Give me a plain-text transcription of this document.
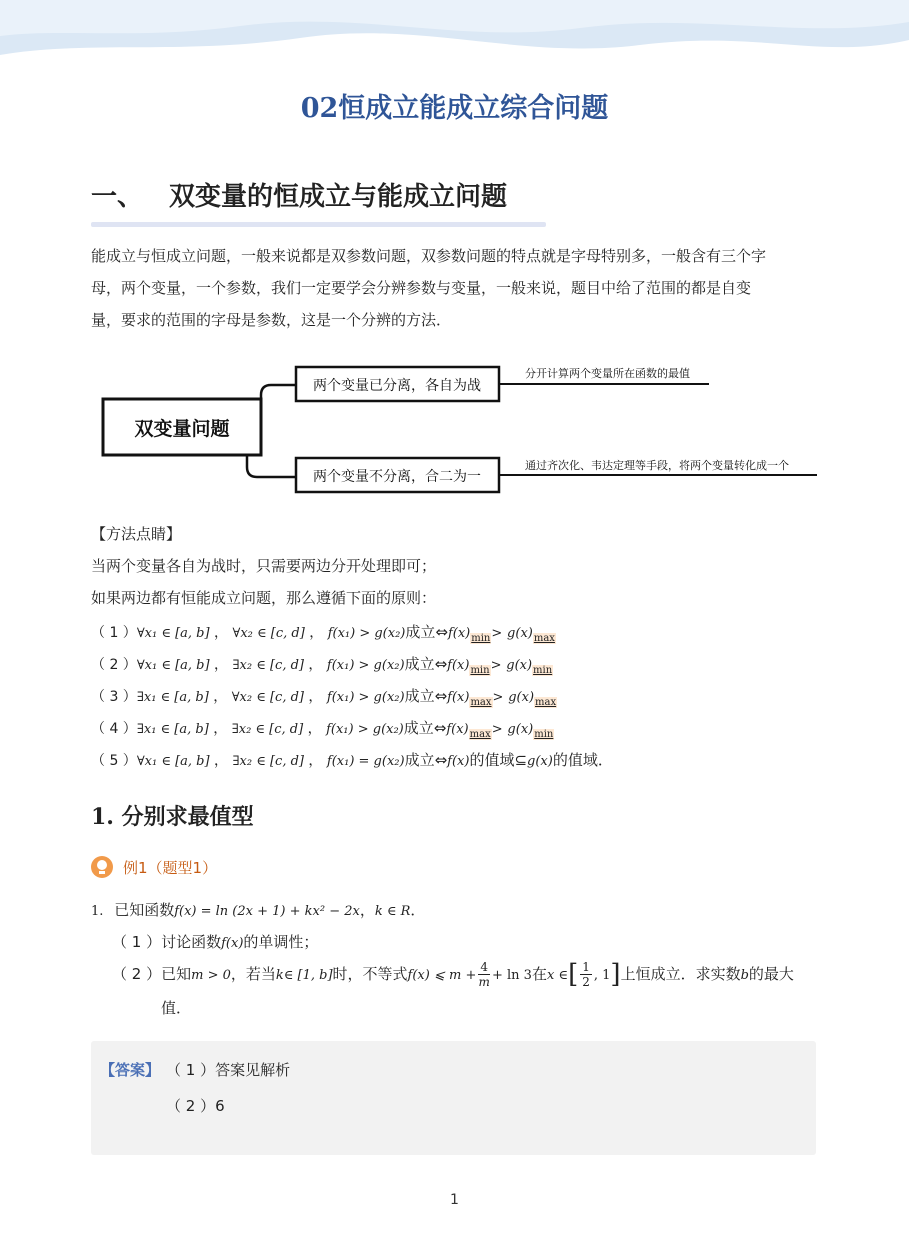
02恒成立能成立综合问题
一、 双变量的恒成立与能成立问题

能成立与恒成立问题，一般来说都是双参数问题，双参数问题的特点就是字母特别多，一般含有三个字

母，两个变量，一个参数，我们一定要学会分辨参数与变量，一般来说，题目中给了范围的都是自变

量，要求的范围的字母是参数，这是一个分辨的方法．

双变量问题
两个变量已分离，各自为战
两个变量不分离，合二为一
分开计算两个变量所在函数的最值
通过齐次化、韦达定理等手段，将两个变量转化成一个
【方法点睛】
当两个变量各自为战时，只需要两边分开处理即可；
如果两边都有恒能成立问题，那么遵循下面的原则：
（ 1 ）∀x₁ ∈ [a, b] ， ∀x₂ ∈ [c, d] ， f(x₁) > g(x₂)成立$\Leftrightarrow f(x)_{min}> g(x)_{max}$
（ 2 ）∀x₁ ∈ [a, b] ， ∃x₂ ∈ [c, d] ， f(x₁) > g(x₂)成立$\Leftrightarrow f(x)_{min}> g(x)_{min}$
（ 3 ）∃x₁ ∈ [a, b] ， ∀x₂ ∈ [c, d] ， f(x₁) > g(x₂)成立$\Leftrightarrow f(x)_{max}> g(x)_{max}$
（ 4 ）∃x₁ ∈ [a, b] ， ∃x₂ ∈ [c, d] ， f(x₁) > g(x₂)成立$\Leftrightarrow f(x)_{max}> g(x)_{min}$
（ 5 ）∀x₁ ∈ [a, b] ， ∃x₂ ∈ [c, d] ， f(x₁) = g(x₂)成立⇔f(x)的值域⊆g(x)的值域．
1. 分别求最值型
例1（题型1）
1. 已知函数f(x) = ln (2x + 1) + kx² − 2x，k ∈ R．
（ 1 ）讨论函数f(x)的单调性；
（ 2 ）已知m > 0，若当k∈ [1, b]时，不等式f(x) ⩽ $m + \frac{4}{m} + \ln 3$在x ∈[ $\frac{1}{2}$ , 1]上恒成立．求实数b的最大
值．
【答案】 （ 1 ）答案见解析
（ 2 ）6
1
